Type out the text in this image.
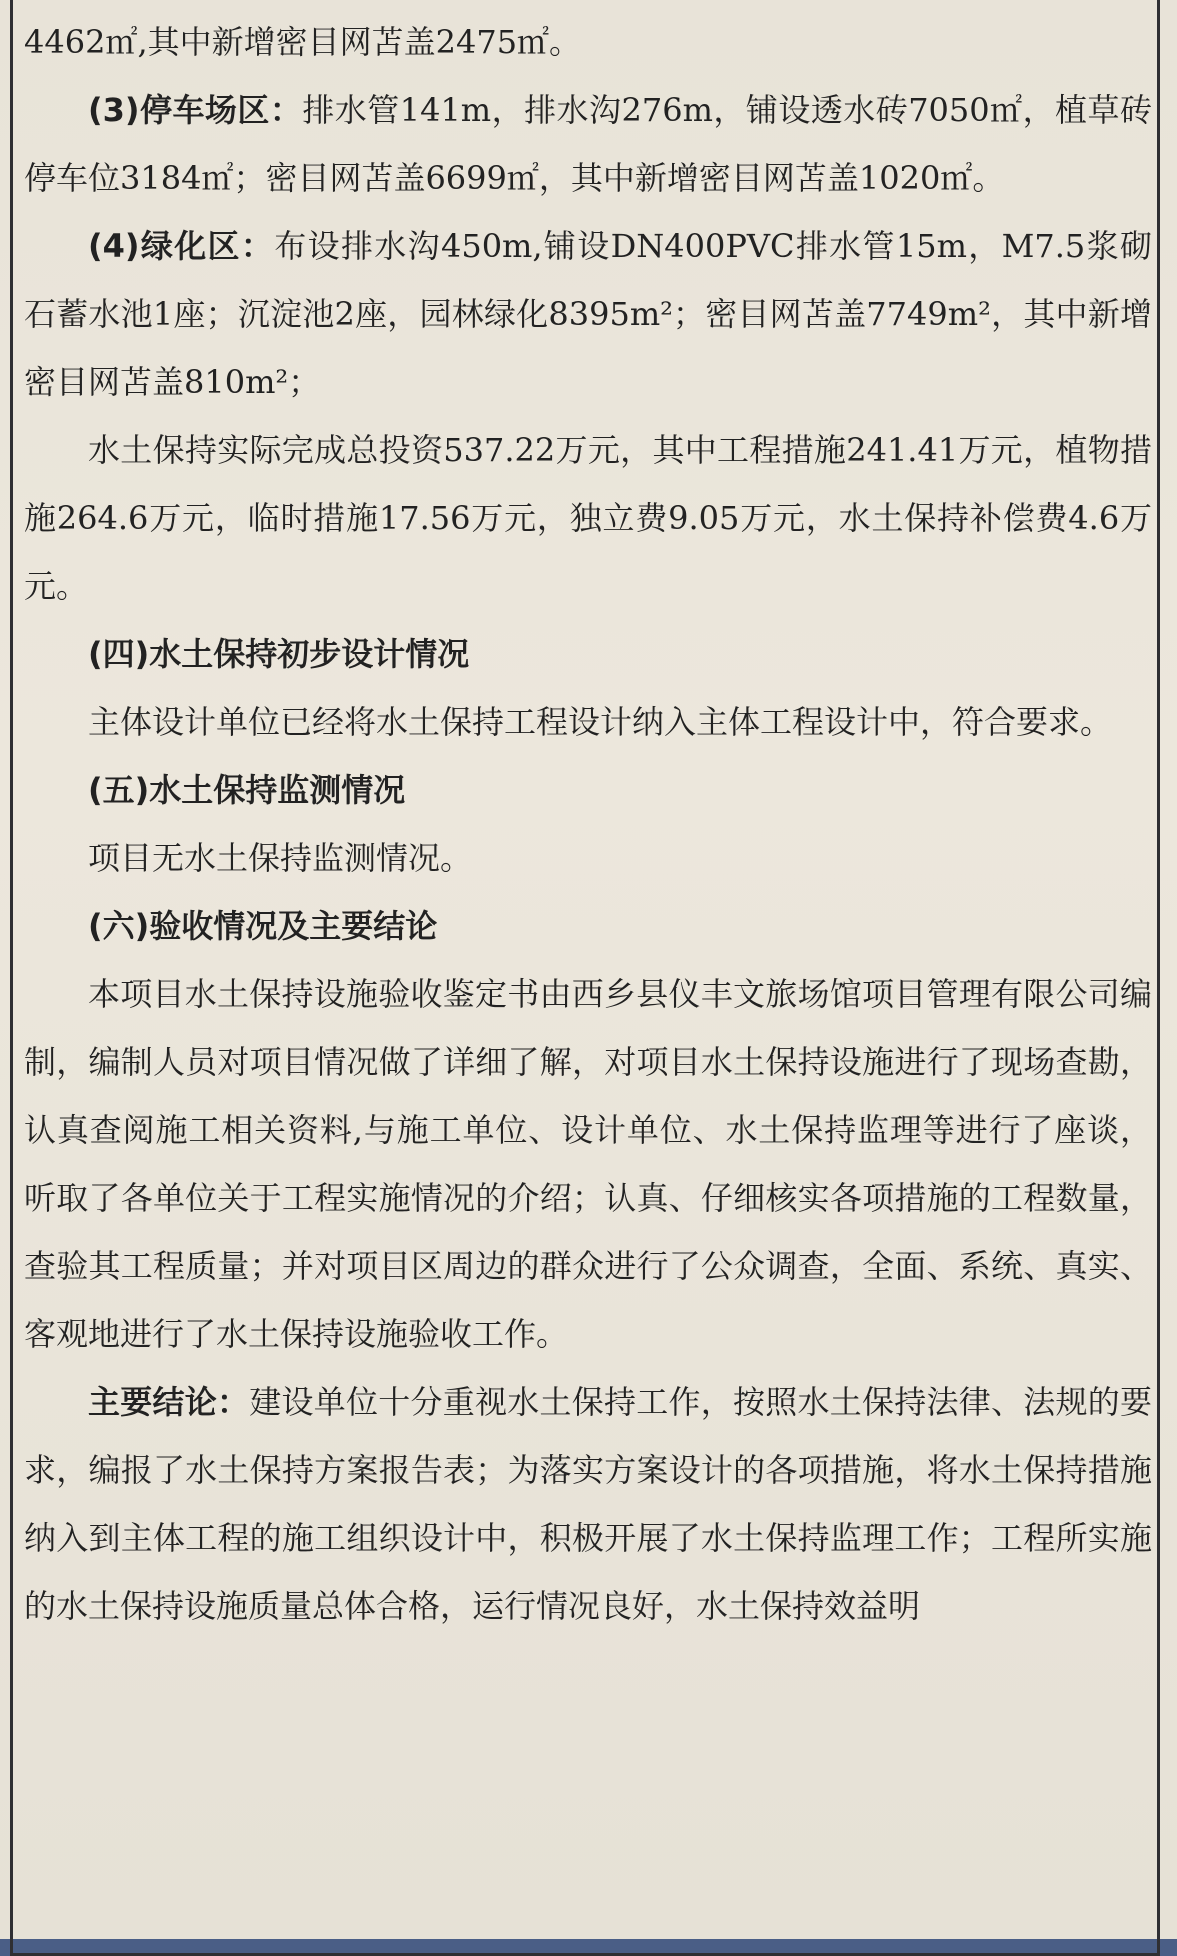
4462㎡,其中新增密目网苫盖2475㎡。

(3)停车场区：排水管141m，排水沟276m，铺设透水砖7050㎡，植草砖停车位3184㎡；密目网苫盖6699㎡，其中新增密目网苫盖1020㎡。

(4)绿化区：布设排水沟450m,铺设DN400PVC排水管15m，M7.5浆砌石蓄水池1座；沉淀池2座，园林绿化8395m²；密目网苫盖7749m²，其中新增密目网苫盖810m²；

水土保持实际完成总投资537.22万元，其中工程措施241.41万元，植物措施264.6万元，临时措施17.56万元，独立费9.05万元，水土保持补偿费4.6万元。

(四)水土保持初步设计情况

主体设计单位已经将水土保持工程设计纳入主体工程设计中，符合要求。

(五)水土保持监测情况

项目无水土保持监测情况。

(六)验收情况及主要结论

本项目水土保持设施验收鉴定书由西乡县仪丰文旅场馆项目管理有限公司编制，编制人员对项目情况做了详细了解，对项目水土保持设施进行了现场查勘，认真查阅施工相关资料,与施工单位、设计单位、水土保持监理等进行了座谈，听取了各单位关于工程实施情况的介绍；认真、仔细核实各项措施的工程数量，查验其工程质量；并对项目区周边的群众进行了公众调查，全面、系统、真实、客观地进行了水土保持设施验收工作。

主要结论：建设单位十分重视水土保持工作，按照水土保持法律、法规的要求，编报了水土保持方案报告表；为落实方案设计的各项措施，将水土保持措施纳入到主体工程的施工组织设计中，积极开展了水土保持监理工作；工程所实施的水土保持设施质量总体合格，运行情况良好，水土保持效益明
